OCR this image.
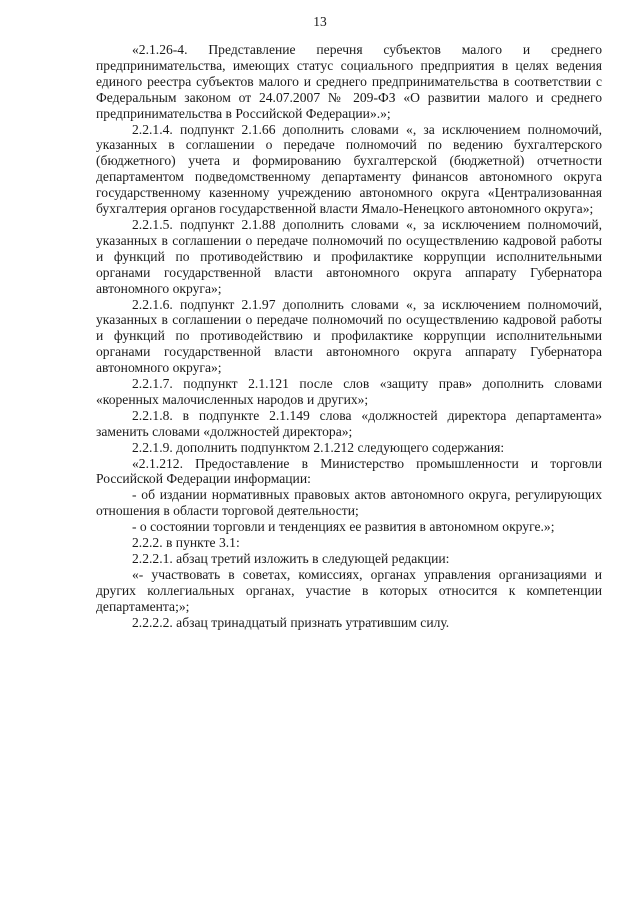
13

«2.1.26-4. Представление перечня субъектов малого и среднего предпринимательства, имеющих статус социального предприятия в целях ведения единого реестра субъектов малого и среднего предпринимательства в соответствии с Федеральным законом от 24.07.2007 № 209-ФЗ «О развитии малого и среднего предпринимательства в Российской Федерации».»;

2.2.1.4. подпункт 2.1.66 дополнить словами «, за исключением полномочий, указанных в соглашении о передаче полномочий по ведению бухгалтерского (бюджетного) учета и формированию бухгалтерской (бюджетной) отчетности департаментом подведомственному департаменту финансов автономного округа государственному казенному учреждению автономного округа «Централизованная бухгалтерия органов государственной власти Ямало-Ненецкого автономного округа»;

2.2.1.5. подпункт 2.1.88 дополнить словами «, за исключением полномочий, указанных в соглашении о передаче полномочий по осуществлению кадровой работы и функций по противодействию и профилактике коррупции исполнительными органами государственной власти автономного округа аппарату Губернатора автономного округа»;

2.2.1.6. подпункт 2.1.97 дополнить словами «, за исключением полномочий, указанных в соглашении о передаче полномочий по осуществлению кадровой работы и функций по противодействию и профилактике коррупции исполнительными органами государственной власти автономного округа аппарату Губернатора автономного округа»;

2.2.1.7. подпункт 2.1.121 после слов «защиту прав» дополнить словами «коренных малочисленных народов и других»;

2.2.1.8. в подпункте 2.1.149 слова «должностей директора департамента» заменить словами «должностей директора»;

2.2.1.9. дополнить подпунктом 2.1.212 следующего содержания:

«2.1.212. Предоставление в Министерство промышленности и торговли Российской Федерации информации:

- об издании нормативных правовых актов автономного округа, регулирующих отношения в области торговой деятельности;

- о состоянии торговли и тенденциях ее развития в автономном округе.»;

2.2.2. в пункте 3.1:

2.2.2.1. абзац третий изложить в следующей редакции:

«- участвовать в советах, комиссиях, органах управления организациями и других коллегиальных органах, участие в которых относится к компетенции департамента;»;

2.2.2.2. абзац тринадцатый признать утратившим силу.
